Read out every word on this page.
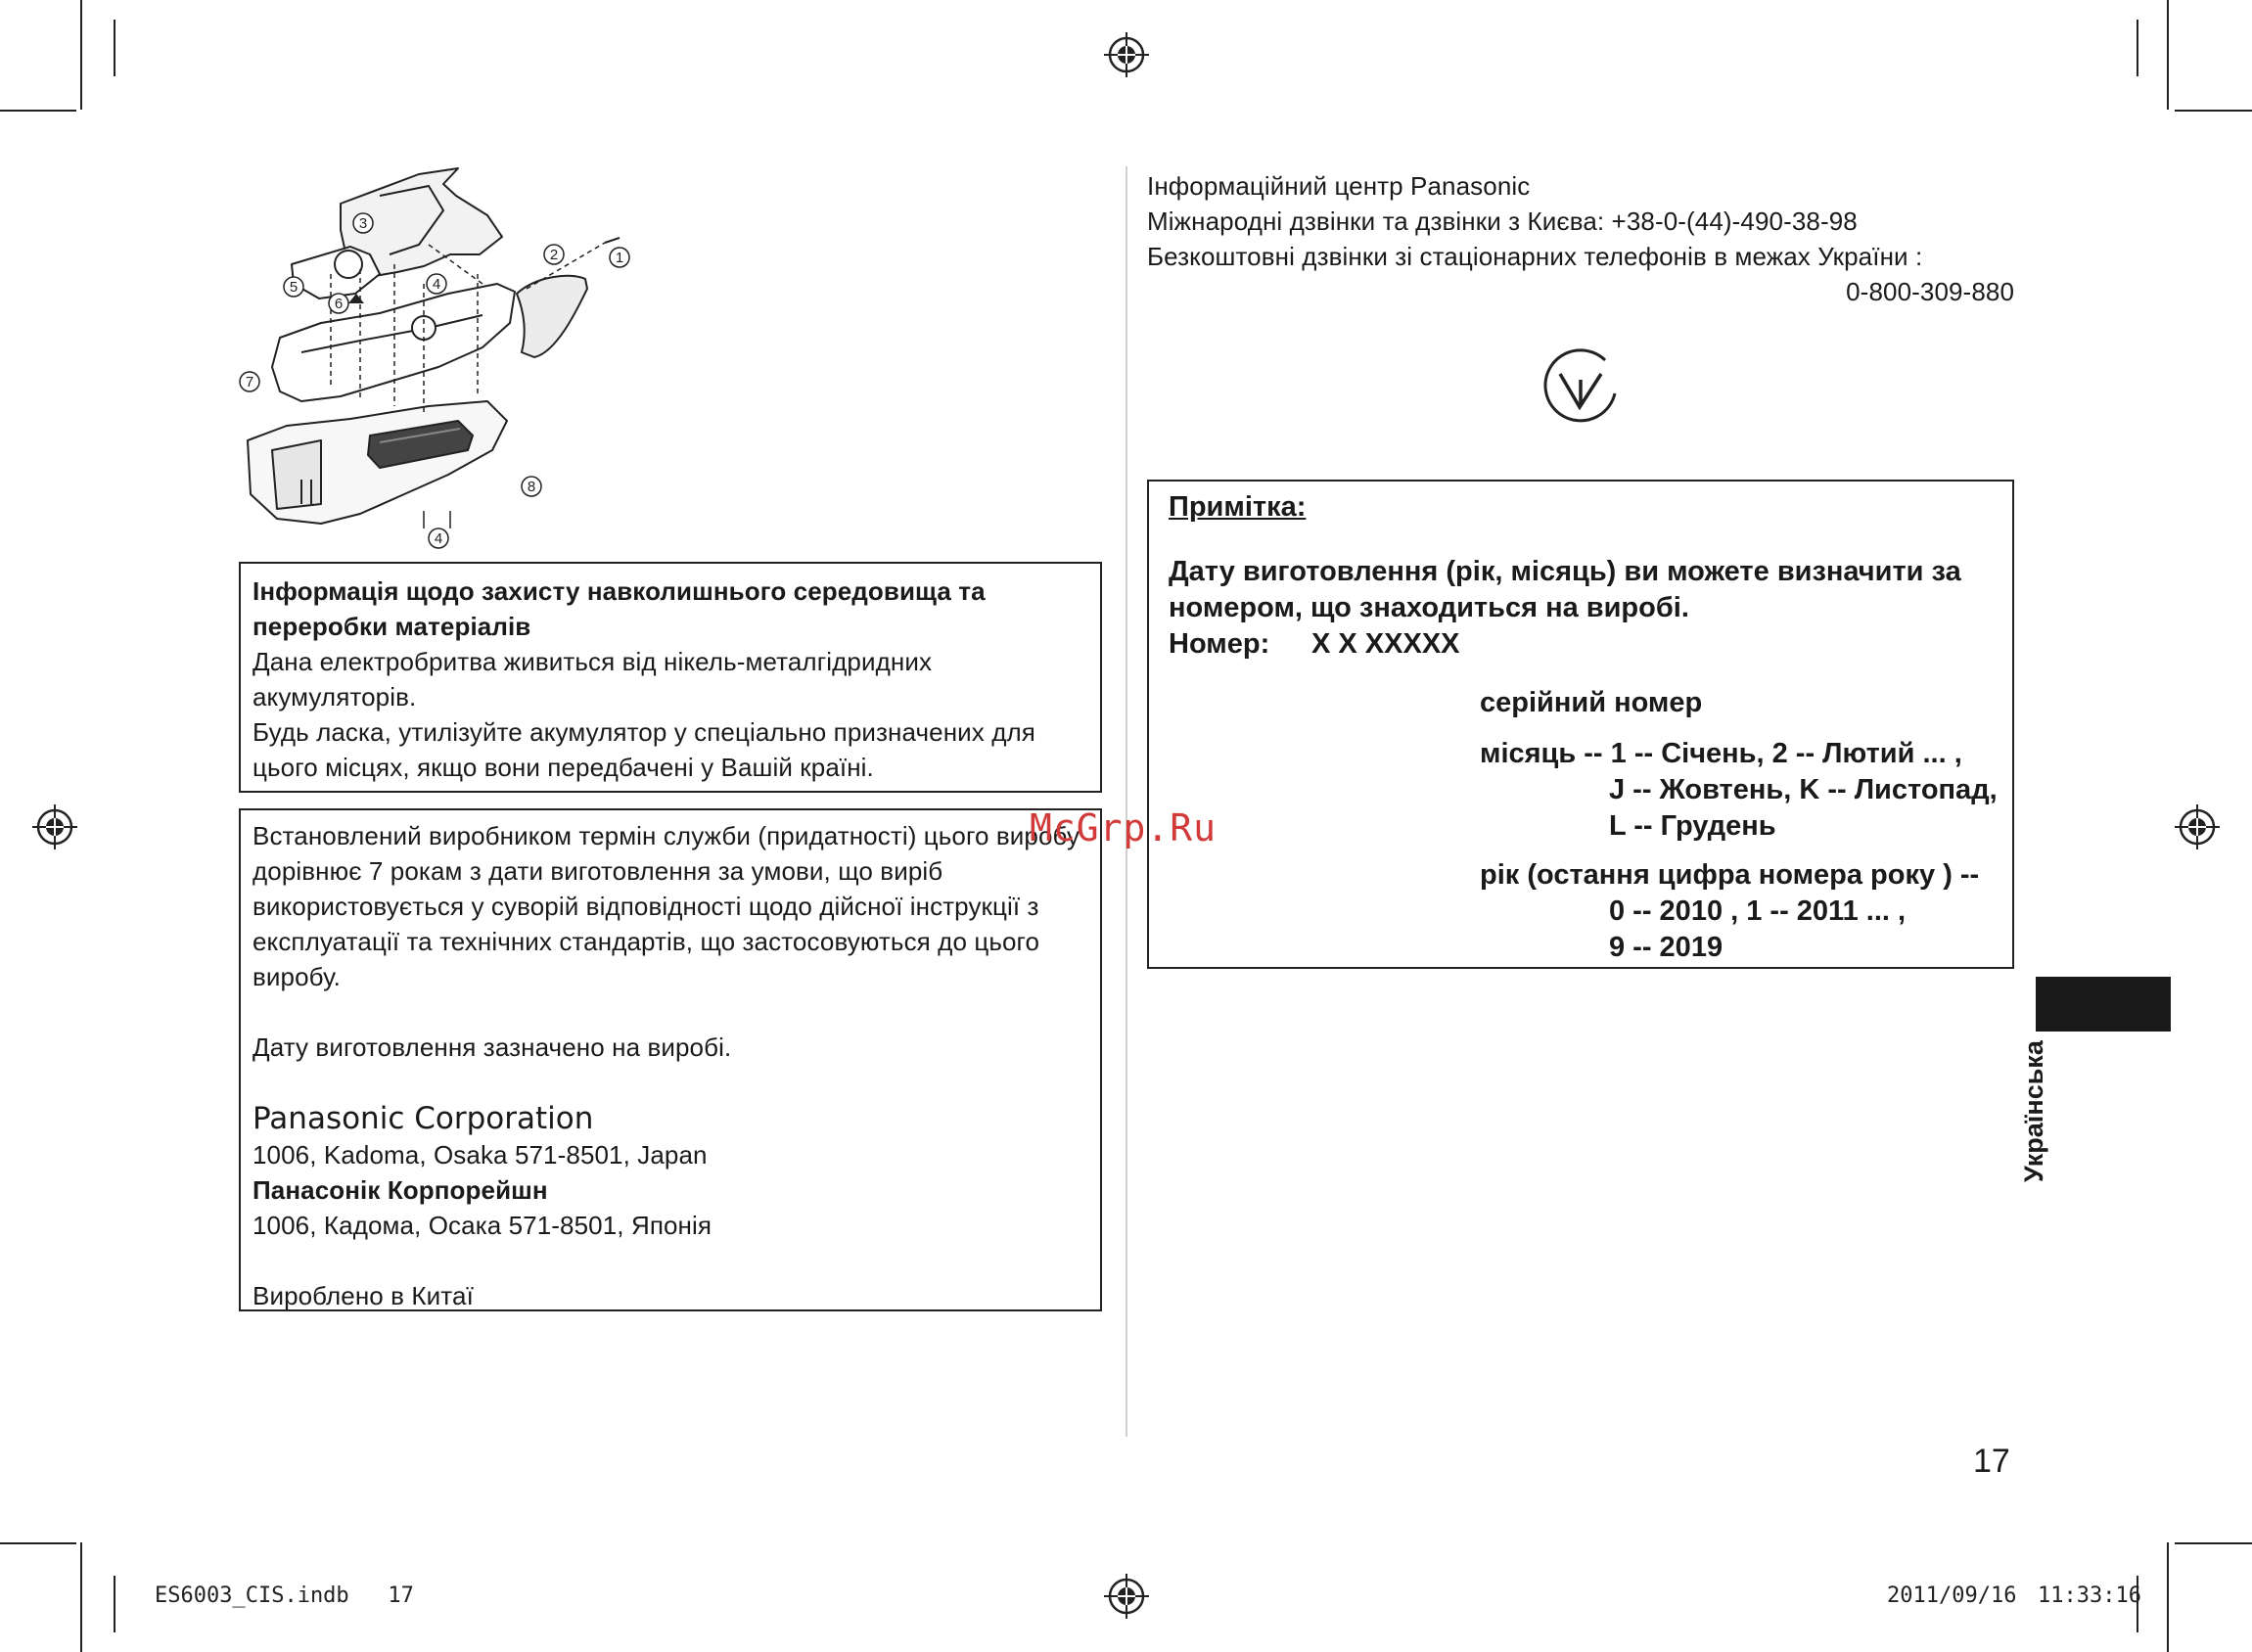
1
2
3
4
5
6
7
8
4
Інформація щодо захисту навколишнього середовища та переробки матеріалів
Дана електробритва живиться від нікель-металгідридних акумуляторів.
Будь ласка, утилізуйте акумулятор у спеціально призначених для цього місцях, якщо вони передбачені у Вашій країні.
Встановлений виробником термін служби (придатності) цього виробу дорівнює 7 рокам з дати виготовлення за умови, що виріб використовується у суворій відповідності щодо дійсної інструкції з експлуатації та технічних стандартів, що застосовуються до цього виробу.
Дату виготовлення зазначено на виробі.
Panasonic Corporation
1006, Kadoma, Osaka 571-8501, Japan
Панасонік Корпорейшн
1006, Кадома, Осака 571-8501, Японія
Вироблено в Китаї
Інформаційний центр Panasonic
Міжнародні дзвінки та дзвінки з Києва: +38-0-(44)-490-38-98
Безкоштовні дзвінки зі стаціонарних телефонів в межах України :
0-800-309-880
Примітка:
Дату виготовлення (рік, місяць) ви можете визначити за номером, що знаходиться на виробі.
Номер: X X XXXXX
серійний номер
місяць -- 1 -- Січень, 2 -- Лютий ... ,
J -- Жовтень, K -- Листопад,
L -- Грудень
рік (остання цифра номера року ) --
0 -- 2010 , 1 -- 2011 ... ,
9 -- 2019
McGrp.Ru
Українська
17
ES6003_CIS.indb   17	2011/09/16 11:33:16
